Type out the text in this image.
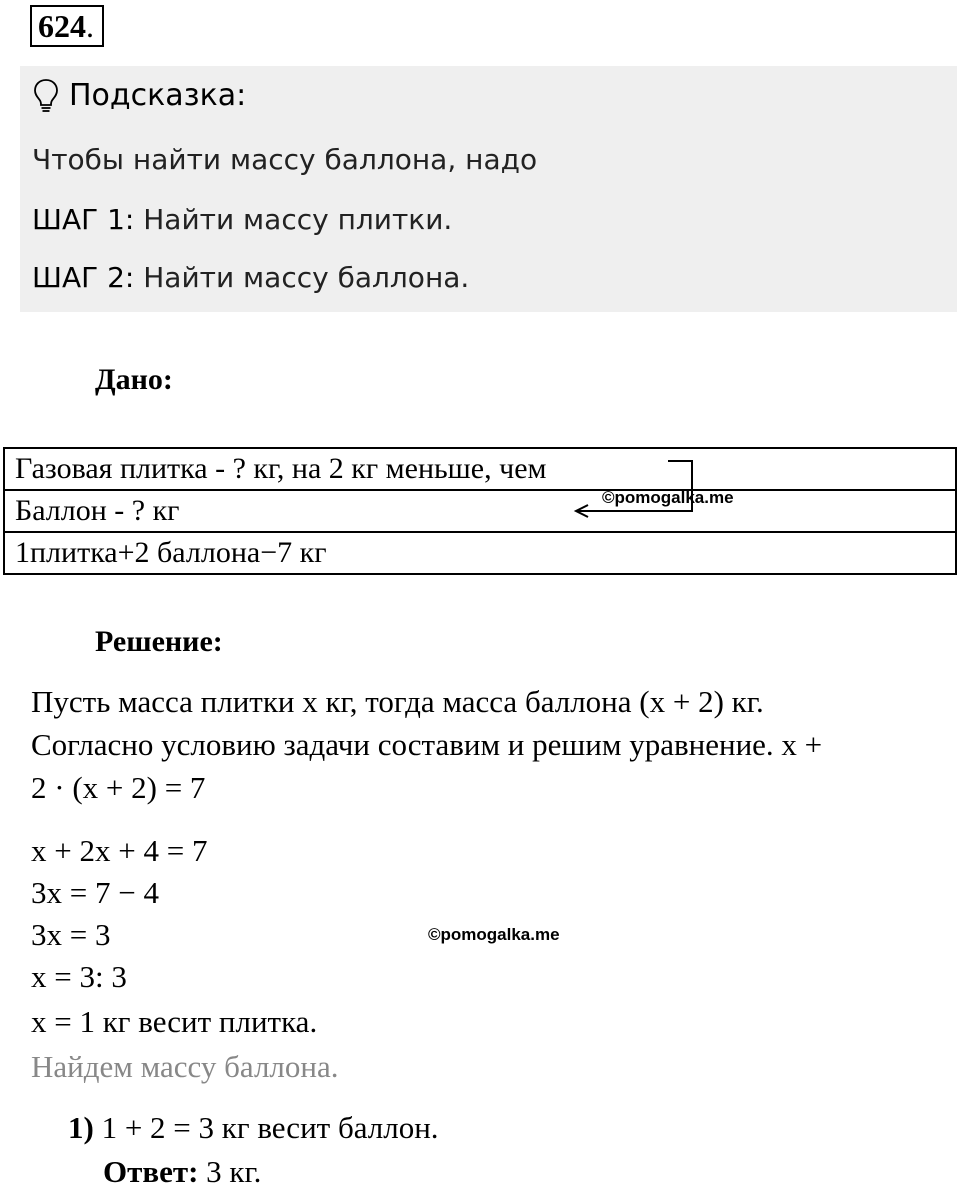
624.
Подсказка:
Чтобы найти массу баллона, надо
ШАГ 1: Найти массу плитки.
ШАГ 2: Найти массу баллона.
Дано:
Газовая плитка - ? кг, на 2 кг меньше, чем
Баллон - ? кг
1плитка+2 баллона−7 кг
©pomogalka.me
Решение:
Пусть масса плитки x кг, тогда масса баллона (x + 2) кг.
Согласно условию задачи составим и решим уравнение. x +
2 · (x + 2) = 7
x + 2x + 4 = 7
3x = 7 − 4
3x = 3
x = 3: 3
x = 1 кг весит плитка.
©pomogalka.me
Найдем массу баллона.
1) 1 + 2 = 3 кг весит баллон.
Ответ: 3 кг.
